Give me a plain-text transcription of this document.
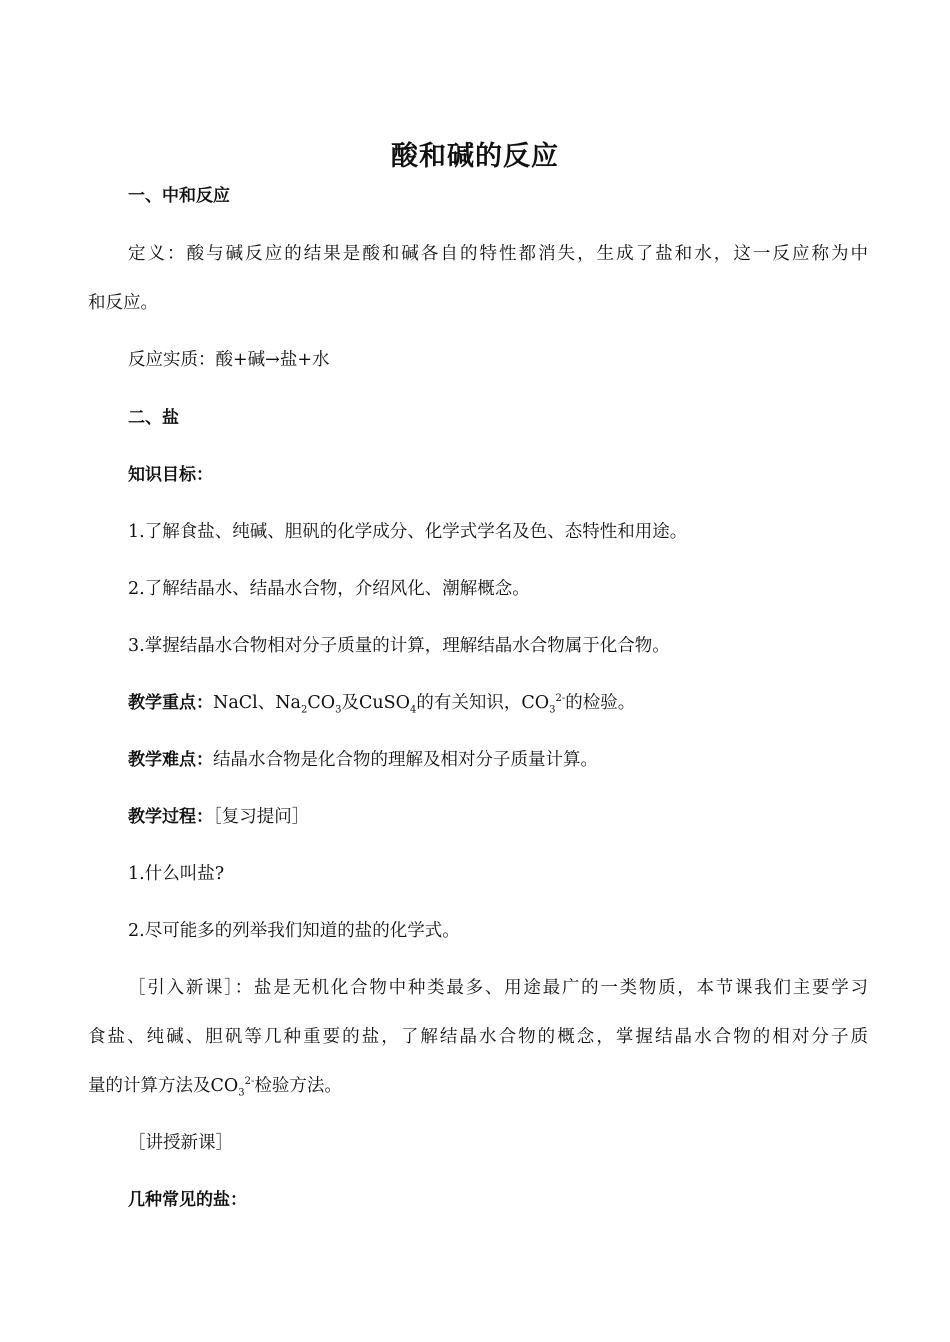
酸和碱的反应
一、中和反应
定义：酸与碱反应的结果是酸和碱各自的特性都消失，生成了盐和水，这一反应称为中
和反应。
反应实质：酸+碱→盐+水
二、盐
知识目标：
1.了解食盐、纯碱、胆矾的化学成分、化学式学名及色、态特性和用途。
2.了解结晶水、结晶水合物，介绍风化、潮解概念。
3.掌握结晶水合物相对分子质量的计算，理解结晶水合物属于化合物。
教学重点：NaCl、$Na_2CO_3$及CuSO$_4$的有关知识，$CO_3^{2-}$的检验。
教学难点：结晶水合物是化合物的理解及相对分子质量计算。
教学过程：［复习提问］
1.什么叫盐?
2.尽可能多的列举我们知道的盐的化学式。
［引入新课］：盐是无机化合物中种类最多、用途最广的一类物质，本节课我们主要学习
食盐、纯碱、胆矾等几种重要的盐，了解结晶水合物的概念，掌握结晶水合物的相对分子质
量的计算方法及$CO_3^{2-}$检验方法。
［讲授新课］
几种常见的盐：
